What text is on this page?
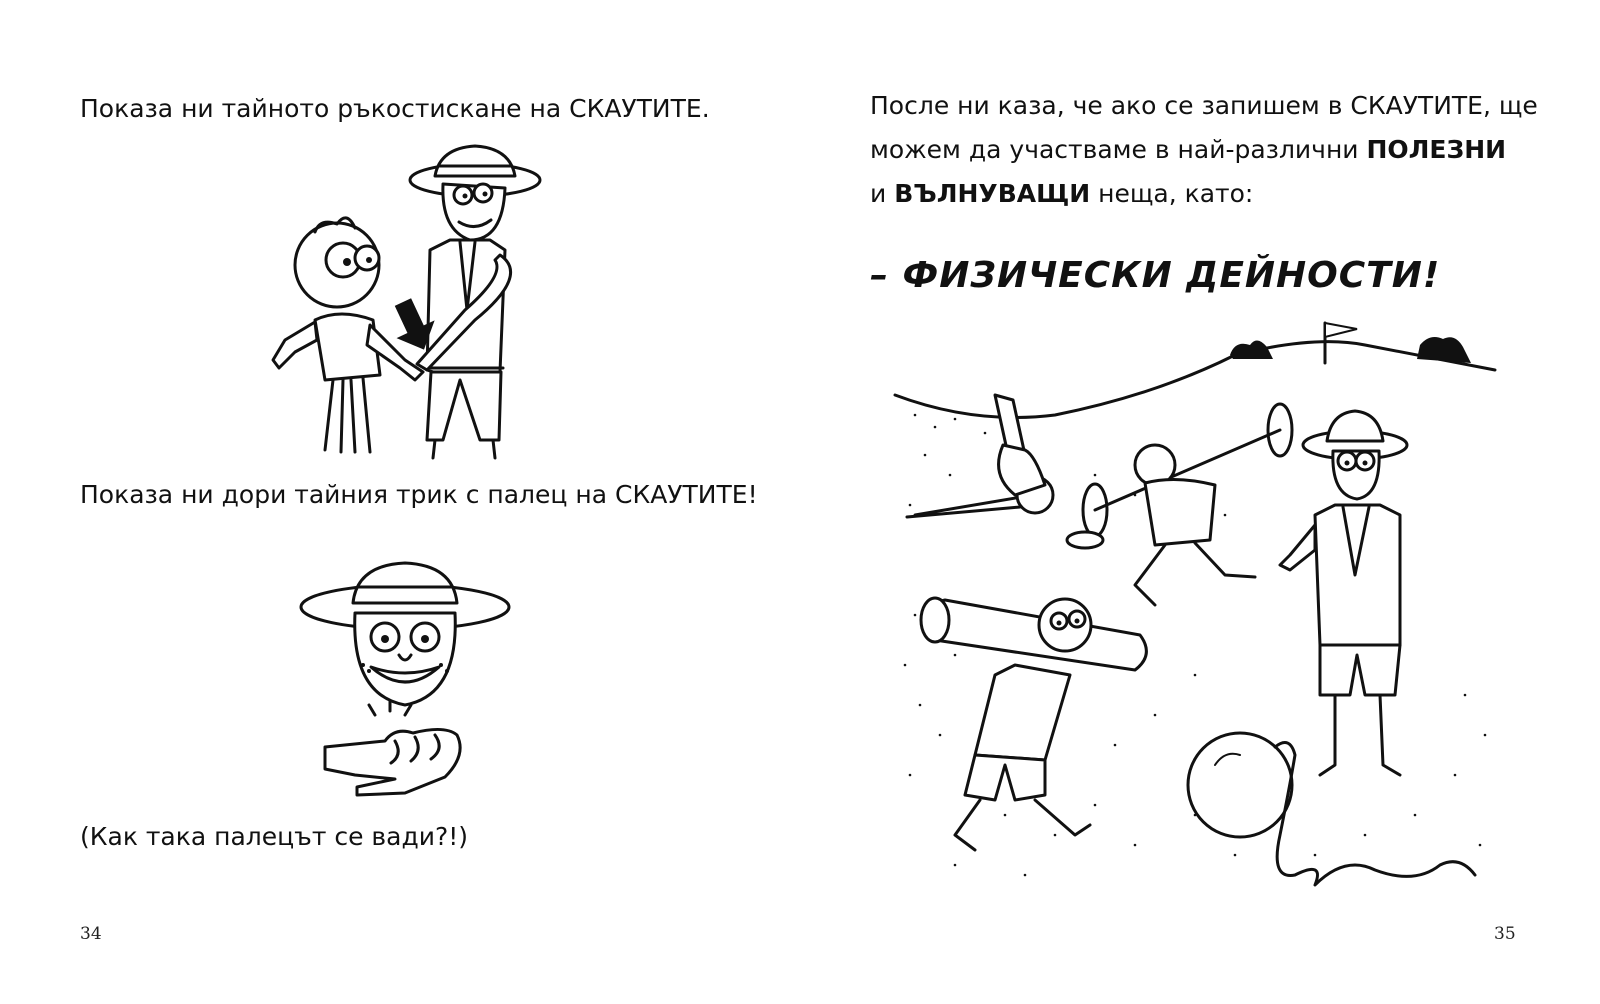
Показа ни тайното ръкостискане на СКАУТИТЕ.
Показа ни дори тайния трик с палец на СКАУТИТЕ!
(Как така палецът се вади?!)
34
После ни каза, че ако се запишем в СКАУТИТЕ, ще
можем да участваме в най-различни ПОЛЕЗНИ
и ВЪЛНУВАЩИ неща, като:
– ФИЗИЧЕСКИ ДЕЙНОСТИ!
35
